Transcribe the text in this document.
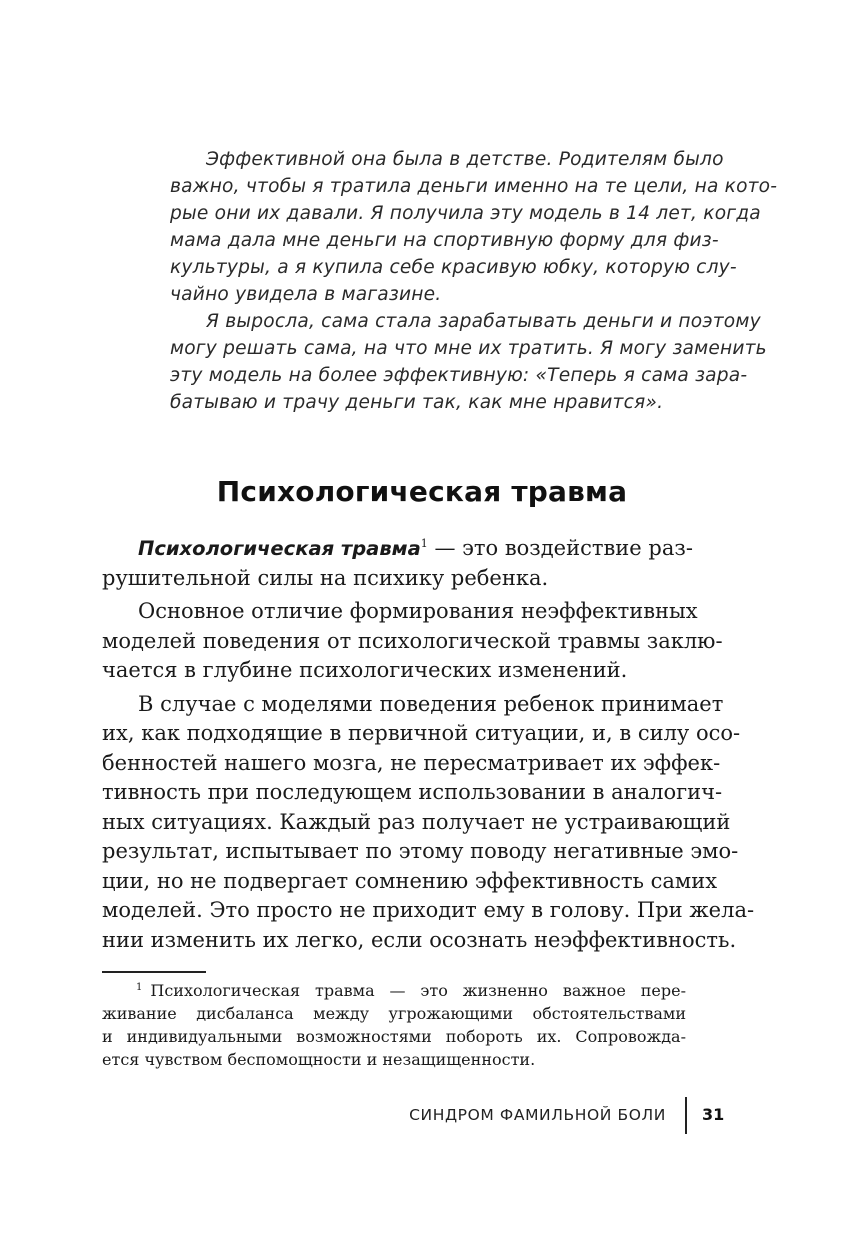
Эффективной она была в детстве. Родителям было
важно, чтобы я тратила деньги именно на те цели, на кото-
рые они их давали. Я получила эту модель в 14 лет, когда
мама дала мне деньги на спортивную форму для физ-
культуры, а я купила себе красивую юбку, которую слу-
чайно увидела в магазине.
Я выросла, сама стала зарабатывать деньги и поэтому
могу решать сама, на что мне их тратить. Я могу заменить
эту модель на более эффективную: «Теперь я сама зара-
батываю и трачу деньги так, как мне нравится».
Психологическая травма
Психологическая травма$^1$ — это воздействие раз-
рушительной силы на психику ребенка.
Основное отличие формирования неэффективных
моделей поведения от психологической травмы заклю-
чается в глубине психологических изменений.
В случае с моделями поведения ребенок принимает
их, как подходящие в первичной ситуации, и, в силу осо-
бенностей нашего мозга, не пересматривает их эффек-
тивность при последующем использовании в аналогич-
ных ситуациях. Каждый раз получает не устраивающий
результат, испытывает по этому поводу негативные эмо-
ции, но не подвергает сомнению эффективность самих
моделей. Это просто не приходит ему в голову. При жела-
нии изменить их легко, если осознать неэффективность.
$^1$ Психологическая травма — это жизненно важное пере-
живание дисбаланса между угрожающими обстоятельствами
и индивидуальными возможностями побороть их. Сопровожда-
ется чувством беспомощности и незащищенности.
СИНДРОМ ФАМИЛЬНОЙ БОЛИ 31
